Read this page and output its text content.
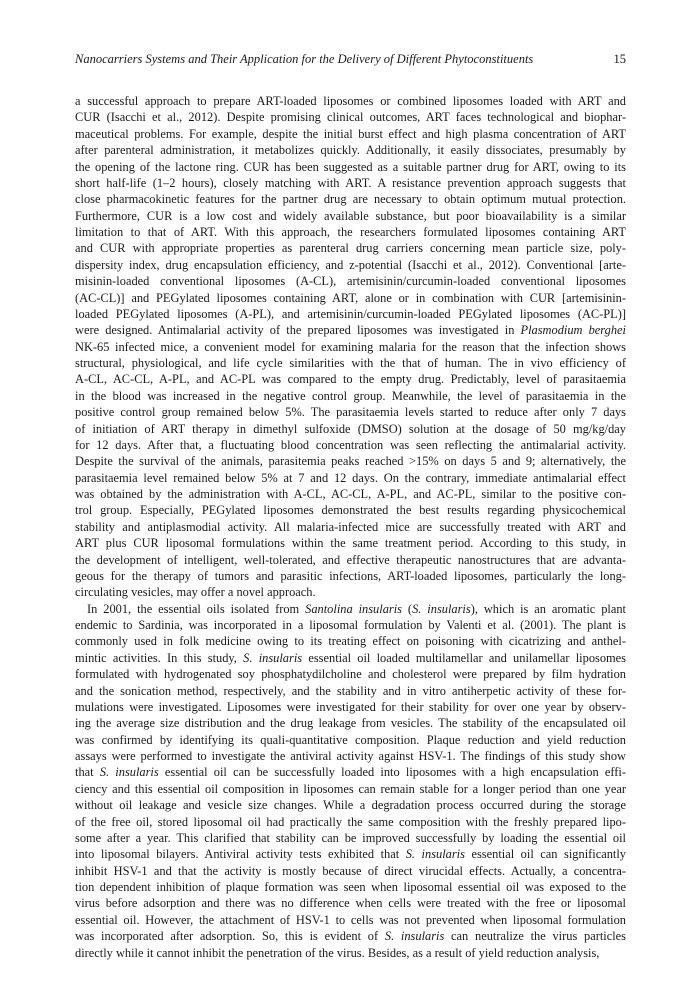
Nanocarriers Systems and Their Application for the Delivery of Different Phytoconstituents	15
a successful approach to prepare ART-loaded liposomes or combined liposomes loaded with ART and
CUR (Isacchi et al., 2012). Despite promising clinical outcomes, ART faces technological and biophar-
maceutical problems. For example, despite the initial burst effect and high plasma concentration of ART
after parenteral administration, it metabolizes quickly. Additionally, it easily dissociates, presumably by
the opening of the lactone ring. CUR has been suggested as a suitable partner drug for ART, owing to its
short half-life (1–2 hours), closely matching with ART. A resistance prevention approach suggests that
close pharmacokinetic features for the partner drug are necessary to obtain optimum mutual protection.
Furthermore, CUR is a low cost and widely available substance, but poor bioavailability is a similar
limitation to that of ART. With this approach, the researchers formulated liposomes containing ART
and CUR with appropriate properties as parenteral drug carriers concerning mean particle size, poly-
dispersity index, drug encapsulation efficiency, and z-potential (Isacchi et al., 2012). Conventional [arte-
misinin-loaded conventional liposomes (A-CL), artemisinin/curcumin-loaded conventional liposomes
(AC-CL)] and PEGylated liposomes containing ART, alone or in combination with CUR [artemisinin-
loaded PEGylated liposomes (A-PL), and artemisinin/curcumin-loaded PEGylated liposomes (AC-PL)]
were designed. Antimalarial activity of the prepared liposomes was investigated in Plasmodium berghei
NK-65 infected mice, a convenient model for examining malaria for the reason that the infection shows
structural, physiological, and life cycle similarities with the that of human. The in vivo efficiency of
A-CL, AC-CL, A-PL, and AC-PL was compared to the empty drug. Predictably, level of parasitaemia
in the blood was increased in the negative control group. Meanwhile, the level of parasitaemia in the
positive control group remained below 5%. The parasitaemia levels started to reduce after only 7 days
of initiation of ART therapy in dimethyl sulfoxide (DMSO) solution at the dosage of 50 mg/kg/day
for 12 days. After that, a fluctuating blood concentration was seen reflecting the antimalarial activity.
Despite the survival of the animals, parasitemia peaks reached >15% on days 5 and 9; alternatively, the
parasitaemia level remained below 5% at 7 and 12 days. On the contrary, immediate antimalarial effect
was obtained by the administration with A-CL, AC-CL, A-PL, and AC-PL, similar to the positive con-
trol group. Especially, PEGylated liposomes demonstrated the best results regarding physicochemical
stability and antiplasmodial activity. All malaria-infected mice are successfully treated with ART and
ART plus CUR liposomal formulations within the same treatment period. According to this study, in
the development of intelligent, well-tolerated, and effective therapeutic nanostructures that are advanta-
geous for the therapy of tumors and parasitic infections, ART-loaded liposomes, particularly the long-
circulating vesicles, may offer a novel approach.
In 2001, the essential oils isolated from Santolina insularis (S. insularis), which is an aromatic plant
endemic to Sardinia, was incorporated in a liposomal formulation by Valenti et al. (2001). The plant is
commonly used in folk medicine owing to its treating effect on poisoning with cicatrizing and anthel-
mintic activities. In this study, S. insularis essential oil loaded multilamellar and unilamellar liposomes
formulated with hydrogenated soy phosphatydilcholine and cholesterol were prepared by film hydration
and the sonication method, respectively, and the stability and in vitro antiherpetic activity of these for-
mulations were investigated. Liposomes were investigated for their stability for over one year by observ-
ing the average size distribution and the drug leakage from vesicles. The stability of the encapsulated oil
was confirmed by identifying its quali-quantitative composition. Plaque reduction and yield reduction
assays were performed to investigate the antiviral activity against HSV-1. The findings of this study show
that S. insularis essential oil can be successfully loaded into liposomes with a high encapsulation effi-
ciency and this essential oil composition in liposomes can remain stable for a longer period than one year
without oil leakage and vesicle size changes. While a degradation process occurred during the storage
of the free oil, stored liposomal oil had practically the same composition with the freshly prepared lipo-
some after a year. This clarified that stability can be improved successfully by loading the essential oil
into liposomal bilayers. Antiviral activity tests exhibited that S. insularis essential oil can significantly
inhibit HSV-1 and that the activity is mostly because of direct virucidal effects. Actually, a concentra-
tion dependent inhibition of plaque formation was seen when liposomal essential oil was exposed to the
virus before adsorption and there was no difference when cells were treated with the free or liposomal
essential oil. However, the attachment of HSV-1 to cells was not prevented when liposomal formulation
was incorporated after adsorption. So, this is evident of S. insularis can neutralize the virus particles
directly while it cannot inhibit the penetration of the virus. Besides, as a result of yield reduction analysis,
